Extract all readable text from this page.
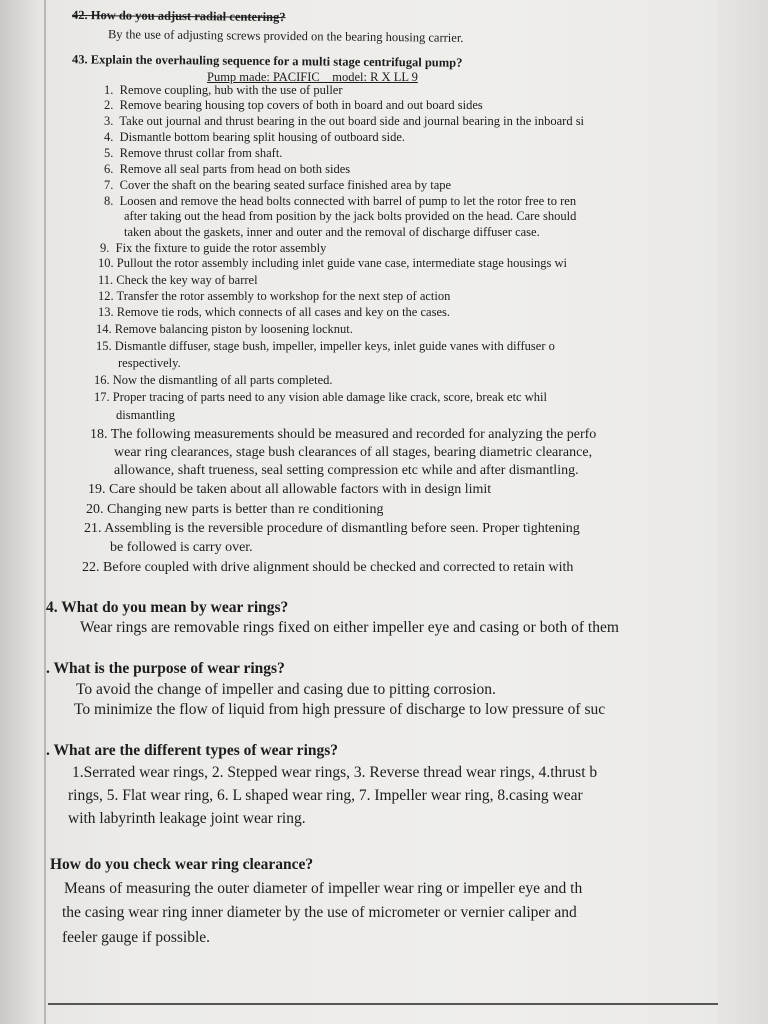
42. How do you adjust radial centering?
By the use of adjusting screws provided on the bearing housing carrier.
43. Explain the overhauling sequence for a multi stage centrifugal pump?
Pump made: PACIFIC    model: R X LL 9
1.  Remove coupling, hub with the use of puller
2.  Remove bearing housing top covers of both in board and out board sides
3.  Take out journal and thrust bearing in the out board side and journal bearing in the inboard si
4.  Dismantle bottom bearing split housing of outboard side.
5.  Remove thrust collar from shaft.
6.  Remove all seal parts from head on both sides
7.  Cover the shaft on the bearing seated surface finished area by tape
8.  Loosen and remove the head bolts connected with barrel of pump to let the rotor free to ren
after taking out the head from position by the jack bolts provided on the head. Care should
taken about the gaskets, inner and outer and the removal of discharge diffuser case.
9.  Fix the fixture to guide the rotor assembly
10. Pullout the rotor assembly including inlet guide vane case, intermediate stage housings wi
11. Check the key way of barrel
12. Transfer the rotor assembly to workshop for the next step of action
13. Remove tie rods, which connects of all cases and key on the cases.
14. Remove balancing piston by loosening locknut.
15. Dismantle diffuser, stage bush, impeller, impeller keys, inlet guide vanes with diffuser o
respectively.
16. Now the dismantling of all parts completed.
17. Proper tracing of parts need to any vision able damage like crack, score, break etc whil
dismantling
18. The following measurements should be measured and recorded for analyzing the perfo
wear ring clearances, stage bush clearances of all stages, bearing diametric clearance,
allowance, shaft trueness, seal setting compression etc while and after dismantling.
19. Care should be taken about all allowable factors with in design limit
20. Changing new parts is better than re conditioning
21. Assembling is the reversible procedure of dismantling before seen. Proper tightening
be followed is carry over.
22. Before coupled with drive alignment should be checked and corrected to retain with
4. What do you mean by wear rings?
Wear rings are removable rings fixed on either impeller eye and casing or both of them
. What is the purpose of wear rings?
To avoid the change of impeller and casing due to pitting corrosion.
To minimize the flow of liquid from high pressure of discharge to low pressure of suc
. What are the different types of wear rings?
1.Serrated wear rings, 2. Stepped wear rings, 3. Reverse thread wear rings, 4.thrust b
rings, 5. Flat wear ring, 6. L shaped wear ring, 7. Impeller wear ring, 8.casing wear
with labyrinth leakage joint wear ring.
How do you check wear ring clearance?
Means of measuring the outer diameter of impeller wear ring or impeller eye and th
the casing wear ring inner diameter by the use of micrometer or vernier caliper and
feeler gauge if possible.
